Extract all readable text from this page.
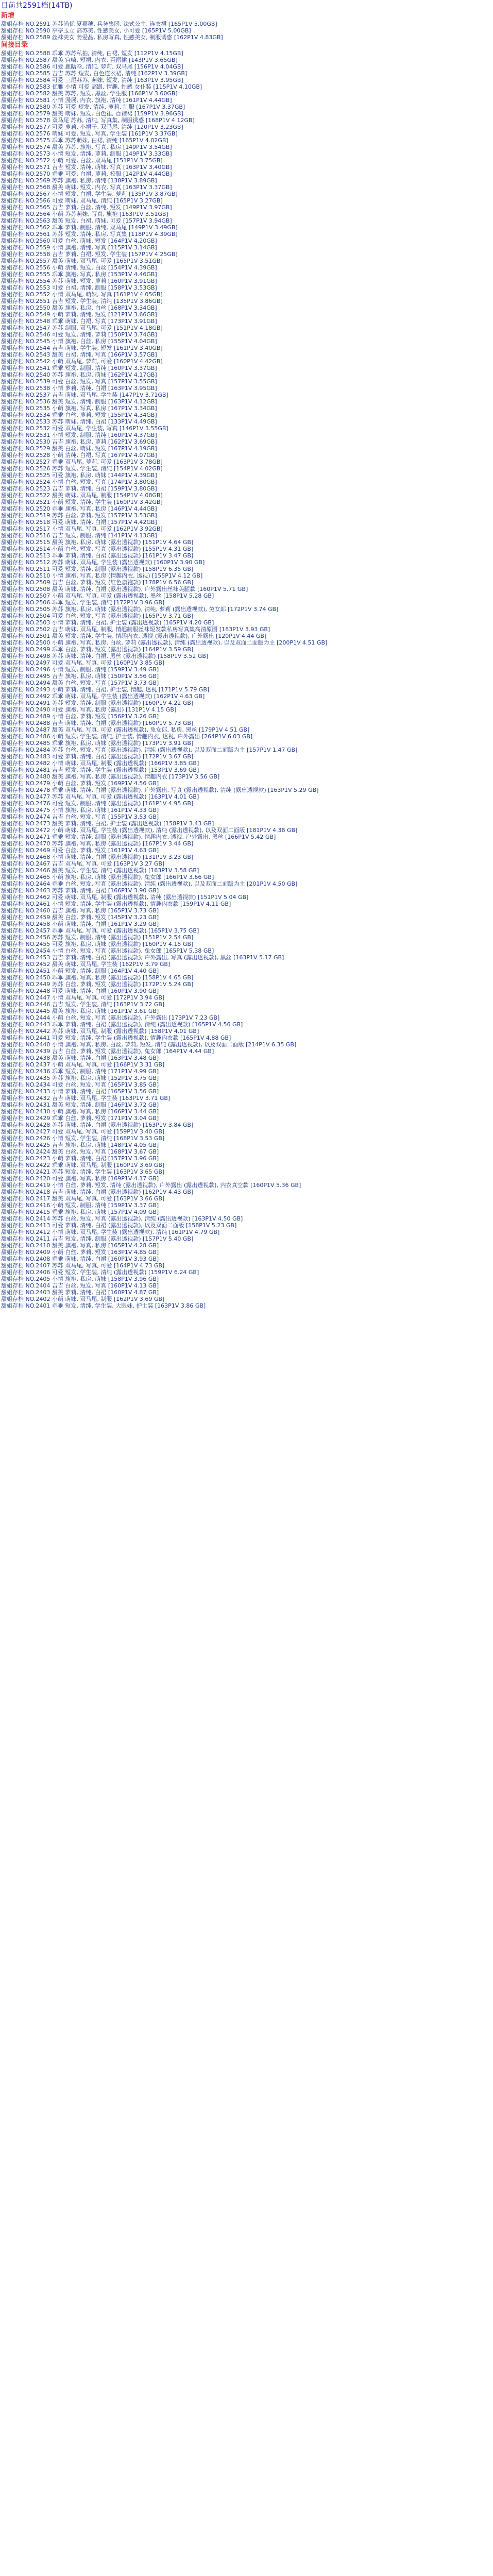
目前共2591档(14TB)
新增
甜姐存档 NO.2591 苏苏尚优 夏嘉穗, 兵务集团, 法式公主, 连衣裙 [165P1V 5.00GB]
甜姐存档 NO.2590 亭亭玉立 高苏美, 性感美女, 小可爱 [165P1V 5.00GB]
甜姐存档 NO.2589 丝袜美女 姜爱晶, 私房写真, 性感美女, 制服诱惑 [162P1V 4.83GB]
间接目录
甜姐存档 NO.2588 乖乖 苏苏私拍, 清纯, 白裙, 短发 [112P1V 4.15GB]
甜姐存档 NO.2587 甜美 宫崎, 短裙, 内衣, 百褶裙 [143P1V 3.65GB]
甜姐存档 NO.2586 可爱 鹿晗晗, 清纯, 萝莉, 双马尾 [156P1V 4.04GB]
甜姐存档 NO.2585 吉吉 苏苏 短发, 白色连衣裙, 清纯 [162P1V 3.39GB]
甜姐存档 NO.2584 可爱 三尾苏苏, 萌妹, 短发, 清纯 [163P1V 3.95GB]
甜姐存档 NO.2583 优雅 小情 可爱 高跟, 情趣, 性感 女仆装 [115P1V 4.10GB]
甜姐存档 NO.2582 甜美 苏苏, 短发, 黑丝, 学生服 [166P1V 3.60GB]
甜姐存档 NO.2581 小情 漫展, 内衣, 旗袍, 清纯 [161P1V 4.44GB]
甜姐存档 NO.2580 苏苏 可爱 短发, 清纯, 萝莉, 制服 [167P1V 3.37GB]
甜姐存档 NO.2579 甜美 萌妹, 短发, 白色裙, 百褶裙 [159P1V 3.96GB]
甜姐存档 NO.2578 双马尾 苏苏, 清纯, 写真集, 制服诱惑 [168P1V 4.12GB]
甜姐存档 NO.2577 可爱 萝莉, 小裙子, 双马尾, 清纯 [120P1V 3.23GB]
甜姐存档 NO.2576 萌妹 可爱, 短发, 写真, 学生装 [161P1V 3.37GB]
甜姐存档 NO.2575 乖乖 苏苏萌妹, 白裙, 清纯 [165P1V 4.02GB]
甜姐存档 NO.2574 甜美 苏苏, 旗袍, 写真, 私房 [149P1V 3.54GB]
甜姐存档 NO.2573 小情 短发, 清纯, 萝莉, 制服 [149P1V 3.33GB]
甜姐存档 NO.2572 小萌 可爱, 白丝, 双马尾 [151P1V 3.75GB]
甜姐存档 NO.2571 吉吉 短发, 清纯, 萌妹, 写真 [163P1V 3.40GB]
甜姐存档 NO.2570 乖乖 可爱, 白裙, 萝莉, 校服 [142P1V 4.44GB]
甜姐存档 NO.2569 苏苏 旗袍, 私房, 清纯 [138P1V 3.89GB]
甜姐存档 NO.2568 甜美 萌妹, 短发, 内衣, 写真 [163P1V 3.37GB]
甜姐存档 NO.2567 小情 短发, 白裙, 学生装, 萝莉 [135P1V 3.87GB]
甜姐存档 NO.2566 可爱 萌妹, 双马尾, 清纯 [165P1V 3.27GB]
甜姐存档 NO.2565 吉吉 萝莉, 白丝, 清纯, 短发 [149P1V 3.97GB]
甜姐存档 NO.2564 小萌 苏苏萌妹, 写真, 旗袍 [163P1V 3.51GB]
甜姐存档 NO.2563 甜美 短发, 白裙, 萌妹, 可爱 [157P1V 3.94GB]
甜姐存档 NO.2562 乖乖 萝莉, 制服, 清纯, 双马尾 [149P1V 3.49GB]
甜姐存档 NO.2561 苏苏 短发, 清纯, 私房, 写真集 [118P1V 4.39GB]
甜姐存档 NO.2560 可爱 白丝, 萌妹, 短发 [164P1V 4.20GB]
甜姐存档 NO.2559 小情 旗袍, 清纯, 写真 [115P1V 3.14GB]
甜姐存档 NO.2558 吉吉 萝莉, 白裙, 短发, 学生装 [157P1V 4.25GB]
甜姐存档 NO.2557 甜美 萌妹, 双马尾, 可爱 [165P1V 3.51GB]
甜姐存档 NO.2556 小萌 清纯, 短发, 白丝 [154P1V 4.39GB]
甜姐存档 NO.2555 乖乖 旗袍, 写真, 私房 [153P1V 4.46GB]
甜姐存档 NO.2554 苏苏 萌妹, 短发, 萝莉 [160P1V 3.91GB]
甜姐存档 NO.2553 可爱 白裙, 清纯, 制服 [158P1V 3.53GB]
甜姐存档 NO.2552 小情 双马尾, 萌妹, 写真 [161P1V 4.05GB]
甜姐存档 NO.2551 吉吉 短发, 学生装, 清纯 [135P1V 3.86GB]
甜姐存档 NO.2550 甜美 旗袍, 私房, 白丝 [168P1V 3.34GB]
甜姐存档 NO.2549 小萌 萝莉, 清纯, 短发 [121P1V 3.66GB]
甜姐存档 NO.2548 乖乖 萌妹, 白裙, 写真 [173P1V 3.91GB]
甜姐存档 NO.2547 苏苏 制服, 双马尾, 可爱 [151P1V 4.18GB]
甜姐存档 NO.2546 可爱 短发, 清纯, 萝莉 [150P1V 3.74GB]
甜姐存档 NO.2545 小情 旗袍, 白丝, 私房 [155P1V 4.04GB]
甜姐存档 NO.2544 吉吉 萌妹, 学生装, 短发 [161P1V 3.40GB]
甜姐存档 NO.2543 甜美 白裙, 清纯, 写真 [166P1V 3.57GB]
甜姐存档 NO.2542 小萌 双马尾, 萝莉, 可爱 [160P1V 4.42GB]
甜姐存档 NO.2541 乖乖 短发, 制服, 清纯 [160P1V 3.37GB]
甜姐存档 NO.2540 苏苏 旗袍, 私房, 萌妹 [162P1V 4.17GB]
甜姐存档 NO.2539 可爱 白丝, 短发, 写真 [157P1V 3.55GB]
甜姐存档 NO.2538 小情 萝莉, 清纯, 白裙 [163P1V 3.95GB]
甜姐存档 NO.2537 吉吉 萌妹, 双马尾, 学生装 [147P1V 3.71GB]
甜姐存档 NO.2536 甜美 短发, 清纯, 制服 [163P1V 4.12GB]
甜姐存档 NO.2535 小萌 旗袍, 写真, 私房 [167P1V 3.34GB]
甜姐存档 NO.2534 乖乖 白丝, 萝莉, 短发 [155P1V 4.34GB]
甜姐存档 NO.2533 苏苏 萌妹, 清纯, 白裙 [133P1V 4.49GB]
甜姐存档 NO.2532 可爱 双马尾, 学生装, 写真 [146P1V 3.55GB]
甜姐存档 NO.2531 小情 短发, 制服, 清纯 [160P1V 4.37GB]
甜姐存档 NO.2530 吉吉 旗袍, 私房, 萝莉 [162P1V 3.69GB]
甜姐存档 NO.2529 甜美 白丝, 萌妹, 短发 [167P1V 4.19GB]
甜姐存档 NO.2528 小萌 清纯, 白裙, 写真 [167P1V 4.07GB]
甜姐存档 NO.2527 乖乖 双马尾, 萝莉, 可爱 [163P1V 3.78GB]
甜姐存档 NO.2526 苏苏 短发, 学生装, 清纯 [154P1V 4.02GB]
甜姐存档 NO.2525 可爱 旗袍, 私房, 萌妹 [144P1V 4.39GB]
甜姐存档 NO.2524 小情 白丝, 短发, 写真 [174P1V 3.80GB]
甜姐存档 NO.2523 吉吉 萝莉, 清纯, 白裙 [159P1V 3.80GB]
甜姐存档 NO.2522 甜美 萌妹, 双马尾, 制服 [154P1V 4.08GB]
甜姐存档 NO.2521 小萌 短发, 清纯, 学生装 [160P1V 3.42GB]
甜姐存档 NO.2520 乖乖 旗袍, 写真, 私房 [146P1V 4.44GB]
甜姐存档 NO.2519 苏苏 白丝, 萝莉, 短发 [157P1V 3.53GB]
甜姐存档 NO.2518 可爱 萌妹, 清纯, 白裙 [157P1V 4.42GB]
甜姐存档 NO.2517 小情 双马尾, 写真, 可爱 [162P1V 3.92GB]
甜姐存档 NO.2516 吉吉 短发, 制服, 清纯 [141P1V 4.13GB]
甜姐存档 NO.2515 甜美 旗袍, 私房, 萌妹 (露出透视款) [151P1V 4.64 GB]
甜姐存档 NO.2514 小萌 白丝, 短发, 写真 (露出透视款) [155P1V 4.31 GB]
甜姐存档 NO.2513 乖乖 萝莉, 清纯, 白裙 (露出透视款) [161P1V 3.47 GB]
甜姐存档 NO.2512 苏苏 萌妹, 双马尾, 学生装 (露出透视款) [160P1V 3.90 GB]
甜姐存档 NO.2511 可爱 短发, 清纯, 制服 (露出透视款) [158P1V 6.35 GB]
甜姐存档 NO.2510 小情 旗袍, 写真, 私房 (情趣内衣, 透视) [155P1V 4.12 GB]
甜姐存档 NO.2509 吉吉 白丝, 萝莉, 短发 (红色旗袍款) [178P1V 6.56 GB]
甜姐存档 NO.2508 甜美 萌妹, 清纯, 白裙 (露出透视款), 户外露出丝袜美腿款 [160P1V 5.71 GB]
甜姐存档 NO.2507 小萌 双马尾, 写真, 可爱 (露出透视款), 黑丝 [158P1V 5.28 GB]
甜姐存档 NO.2506 乖乖 短发, 学生装, 清纯 [172P1V 3.96 GB]
甜姐存档 NO.2505 苏苏 旗袍, 私房, 萌妹 (露出透视款), 清纯, 萝莉 (露出透视款), 兔女郎 [172P1V 3.74 GB]
甜姐存档 NO.2504 可爱 白丝, 短发, 写真 (露出透视款) [165P1V 3.71 GB]
甜姐存档 NO.2503 小情 萝莉, 清纯, 白裙, 护士装 (露出透视款) [165P1V 4.20 GB]
甜姐存档 NO.2502 吉吉 萌妹, 双马尾, 制服, 情趣制服丝袜短发款私房写真集高清原图 [183P1V 3.93 GB]
甜姐存档 NO.2501 甜美 短发, 清纯, 学生装, 情趣内衣, 透视 (露出透视款), 户外露出 [120P1V 4.44 GB]
甜姐存档 NO.2500 小萌 旗袍, 写真, 私房, 白丝, 萝莉 (露出透视款), 清纯 (露出透视款), 以及双面二面版为主 [200P1V 4.51 GB]
甜姐存档 NO.2499 乖乖 白丝, 萝莉, 短发 (露出透视款) [164P1V 3.59 GB]
甜姐存档 NO.2498 苏苏 萌妹, 清纯, 白裙, 黑丝 (露出透视款) [158P1V 3.52 GB]
甜姐存档 NO.2497 可爱 双马尾, 写真, 可爱 [160P1V 3.85 GB]
甜姐存档 NO.2496 小情 短发, 制服, 清纯 [159P1V 3.49 GB]
甜姐存档 NO.2495 吉吉 旗袍, 私房, 萌妹 [150P1V 3.56 GB]
甜姐存档 NO.2494 甜美 白丝, 短发, 写真 [157P1V 3.73 GB]
甜姐存档 NO.2493 小萌 萝莉, 清纯, 白裙, 护士装, 情趣, 透视 [171P1V 5.79 GB]
甜姐存档 NO.2492 乖乖 萌妹, 双马尾, 学生装 (露出透视款) [162P1V 4.63 GB]
甜姐存档 NO.2491 苏苏 短发, 清纯, 制服 (露出透视款) [160P1V 4.22 GB]
甜姐存档 NO.2490 可爱 旗袍, 写真, 私房 (露出) [131P1V 4.15 GB]
甜姐存档 NO.2489 小情 白丝, 萝莉, 短发 [156P1V 3.26 GB]
甜姐存档 NO.2488 吉吉 萌妹, 清纯, 白裙 (露出透视款) [160P1V 5.73 GB]
甜姐存档 NO.2487 甜美 双马尾, 写真, 可爱 (露出透视款), 兔女郎, 私房, 黑丝 [179P1V 4.51 GB]
甜姐存档 NO.2486 小萌 短发, 学生装, 清纯, 护士装, 情趣内衣, 透视, 户外露出 [264P1V 6.03 GB]
甜姐存档 NO.2485 乖乖 旗袍, 私房, 萌妹 (露出透视款) [173P1V 3.91 GB]
甜姐存档 NO.2484 苏苏 白丝, 短发, 写真 (露出透视款), 清纯 (露出透视款), 以及双面二面版为主 [157P1V 1.47 GB]
甜姐存档 NO.2483 可爱 萝莉, 清纯, 白裙 (露出透视款) [172P1V 3.67 GB]
甜姐存档 NO.2482 小情 萌妹, 双马尾, 制服 (露出透视款) [166P1V 3.85 GB]
甜姐存档 NO.2481 吉吉 短发, 清纯, 学生装 (露出透视款) [153P1V 3.69 GB]
甜姐存档 NO.2480 甜美 旗袍, 写真, 私房 (露出透视款), 情趣内衣 [173P1V 3.56 GB]
甜姐存档 NO.2479 小萌 白丝, 萝莉, 短发 [169P1V 4.56 GB]
甜姐存档 NO.2478 乖乖 萌妹, 清纯, 白裙 (露出透视款), 户外露出, 写真 (露出透视款), 清纯 (露出透视款) [163P1V 5.29 GB]
甜姐存档 NO.2477 苏苏 双马尾, 写真, 可爱 (露出透视款) [163P1V 4.01 GB]
甜姐存档 NO.2476 可爱 短发, 制服, 清纯 (露出透视款) [161P1V 4.95 GB]
甜姐存档 NO.2475 小情 旗袍, 私房, 萌妹 [161P1V 4.33 GB]
甜姐存档 NO.2474 吉吉 白丝, 短发, 写真 [155P1V 3.53 GB]
甜姐存档 NO.2473 甜美 萝莉, 清纯, 白裙, 护士装 (露出透视款) [158P1V 3.43 GB]
甜姐存档 NO.2472 小萌 萌妹, 双马尾, 学生装 (露出透视款), 清纯 (露出透视款), 以及双面二面版 [181P1V 4.38 GB]
甜姐存档 NO.2471 乖乖 短发, 清纯, 制服 (露出透视款), 情趣内衣, 透视, 户外露出, 黑丝 [166P1V 5.42 GB]
甜姐存档 NO.2470 苏苏 旗袍, 写真, 私房 (露出透视款) [167P1V 3.44 GB]
甜姐存档 NO.2469 可爱 白丝, 萝莉, 短发 [161P1V 4.63 GB]
甜姐存档 NO.2468 小情 萌妹, 清纯, 白裙 (露出透视款) [131P1V 3.23 GB]
甜姐存档 NO.2467 吉吉 双马尾, 写真, 可爱 [163P1V 3.27 GB]
甜姐存档 NO.2466 甜美 短发, 学生装, 清纯 (露出透视款) [163P1V 3.58 GB]
甜姐存档 NO.2465 小萌 旗袍, 私房, 萌妹 (露出透视款), 兔女郎 [166P1V 3.66 GB]
甜姐存档 NO.2464 乖乖 白丝, 短发, 写真 (露出透视款), 清纯 (露出透视款), 以及双面二面版为主 [201P1V 4.50 GB]
甜姐存档 NO.2463 苏苏 萝莉, 清纯, 白裙 [166P1V 3.90 GB]
甜姐存档 NO.2462 可爱 萌妹, 双马尾, 制服 (露出透视款), 清纯 (露出透视款) [151P1V 5.04 GB]
甜姐存档 NO.2461 小情 短发, 清纯, 学生装 (露出透视款), 情趣内衣款 [159P1V 4.11 GB]
甜姐存档 NO.2460 吉吉 旗袍, 写真, 私房 [165P1V 3.73 GB]
甜姐存档 NO.2459 甜美 白丝, 萝莉, 短发 [145P1V 3.23 GB]
甜姐存档 NO.2458 小萌 萌妹, 清纯, 白裙 [161P1V 3.29 GB]
甜姐存档 NO.2457 乖乖 双马尾, 写真, 可爱 (露出透视款) [165P1V 3.75 GB]
甜姐存档 NO.2456 苏苏 短发, 制服, 清纯 (露出透视款) [151P1V 2.54 GB]
甜姐存档 NO.2455 可爱 旗袍, 私房, 萌妹 (露出透视款) [160P1V 4.15 GB]
甜姐存档 NO.2454 小情 白丝, 短发, 写真 (露出透视款), 兔女郎 [165P1V 5.38 GB]
甜姐存档 NO.2453 吉吉 萝莉, 清纯, 白裙 (露出透视款), 户外露出, 写真 (露出透视款), 黑丝 [163P1V 5.17 GB]
甜姐存档 NO.2452 甜美 萌妹, 双马尾, 学生装 [162P1V 3.79 GB]
甜姐存档 NO.2451 小萌 短发, 清纯, 制服 [164P1V 4.40 GB]
甜姐存档 NO.2450 乖乖 旗袍, 写真, 私房 (露出透视款) [158P1V 4.65 GB]
甜姐存档 NO.2449 苏苏 白丝, 萝莉, 短发 (露出透视款) [172P1V 5.24 GB]
甜姐存档 NO.2448 可爱 萌妹, 清纯, 白裙 [160P1V 3.90 GB]
甜姐存档 NO.2447 小情 双马尾, 写真, 可爱 [172P1V 3.94 GB]
甜姐存档 NO.2446 吉吉 短发, 学生装, 清纯 [163P1V 3.72 GB]
甜姐存档 NO.2445 甜美 旗袍, 私房, 萌妹 [161P1V 3.61 GB]
甜姐存档 NO.2444 小萌 白丝, 短发, 写真 (露出透视款), 户外露出 [173P1V 7.23 GB]
甜姐存档 NO.2443 乖乖 萝莉, 清纯, 白裙 (露出透视款), 清纯 (露出透视款) [165P1V 4.56 GB]
甜姐存档 NO.2442 苏苏 萌妹, 双马尾, 制服 (露出透视款) [158P1V 4.01 GB]
甜姐存档 NO.2441 可爱 短发, 清纯, 学生装 (露出透视款), 情趣内衣款 [165P1V 4.88 GB]
甜姐存档 NO.2440 小情 旗袍, 写真, 私房, 白丝, 萝莉, 短发, 清纯 (露出透视款), 以及双面二面版 [214P1V 6.35 GB]
甜姐存档 NO.2439 吉吉 白丝, 萝莉, 短发 (露出透视款), 兔女郎 [164P1V 4.44 GB]
甜姐存档 NO.2438 甜美 萌妹, 清纯, 白裙 [163P1V 3.48 GB]
甜姐存档 NO.2437 小萌 双马尾, 写真, 可爱 [166P1V 3.31 GB]
甜姐存档 NO.2436 乖乖 短发, 制服, 清纯 [171P1V 4.99 GB]
甜姐存档 NO.2435 苏苏 旗袍, 私房, 萌妹 [152P1V 3.75 GB]
甜姐存档 NO.2434 可爱 白丝, 短发, 写真 [165P1V 3.85 GB]
甜姐存档 NO.2433 小情 萝莉, 清纯, 白裙 [165P1V 3.56 GB]
甜姐存档 NO.2432 吉吉 萌妹, 双马尾, 学生装 [163P1V 3.71 GB]
甜姐存档 NO.2431 甜美 短发, 清纯, 制服 [146P1V 3.72 GB]
甜姐存档 NO.2430 小萌 旗袍, 写真, 私房 [166P1V 3.44 GB]
甜姐存档 NO.2429 乖乖 白丝, 萝莉, 短发 [171P1V 3.04 GB]
甜姐存档 NO.2428 苏苏 萌妹, 清纯, 白裙 (露出透视款) [163P1V 3.84 GB]
甜姐存档 NO.2427 可爱 双马尾, 写真, 可爱 [159P1V 3.40 GB]
甜姐存档 NO.2426 小情 短发, 学生装, 清纯 [168P1V 3.53 GB]
甜姐存档 NO.2425 吉吉 旗袍, 私房, 萌妹 [148P1V 4.05 GB]
甜姐存档 NO.2424 甜美 白丝, 短发, 写真 [168P1V 3.67 GB]
甜姐存档 NO.2423 小萌 萝莉, 清纯, 白裙 [157P1V 3.96 GB]
甜姐存档 NO.2422 乖乖 萌妹, 双马尾, 制服 [160P1V 3.69 GB]
甜姐存档 NO.2421 苏苏 短发, 清纯, 学生装 [163P1V 3.65 GB]
甜姐存档 NO.2420 可爱 旗袍, 写真, 私房 [169P1V 4.17 GB]
甜姐存档 NO.2419 小情 白丝, 萝莉, 短发, 清纯 (露出透视款), 户外露出 (露出透视款), 内衣真空款 [160P1V 5.36 GB]
甜姐存档 NO.2418 吉吉 萌妹, 清纯, 白裙 (露出透视款) [162P1V 4.43 GB]
甜姐存档 NO.2417 甜美 双马尾, 写真, 可爱 [163P1V 3.66 GB]
甜姐存档 NO.2416 小萌 短发, 制服, 清纯 [159P1V 3.37 GB]
甜姐存档 NO.2415 乖乖 旗袍, 私房, 萌妹 [157P1V 4.09 GB]
甜姐存档 NO.2414 苏苏 白丝, 短发, 写真 (露出透视款), 清纯 (露出透视款) [163P1V 4.50 GB]
甜姐存档 NO.2413 可爱 萝莉, 清纯, 白裙 (露出透视款), 以及双面二面版 [158P1V 5.23 GB]
甜姐存档 NO.2412 小情 萌妹, 双马尾, 学生装 (露出透视款), 清纯 [161P1V 4.79 GB]
甜姐存档 NO.2411 吉吉 短发, 清纯, 制服 (露出透视款) [157P1V 5.40 GB]
甜姐存档 NO.2410 甜美 旗袍, 写真, 私房 [165P1V 4.28 GB]
甜姐存档 NO.2409 小萌 白丝, 萝莉, 短发 [163P1V 4.85 GB]
甜姐存档 NO.2408 乖乖 萌妹, 清纯, 白裙 [160P1V 3.93 GB]
甜姐存档 NO.2407 苏苏 双马尾, 写真, 可爱 [164P1V 4.73 GB]
甜姐存档 NO.2406 可爱 短发, 学生装, 清纯 (露出透视款) [159P1V 6.24 GB]
甜姐存档 NO.2405 小情 旗袍, 私房, 萌妹 [158P1V 3.96 GB]
甜姐存档 NO.2404 吉吉 白丝, 短发, 写真 [160P1V 4.13 GB]
甜姐存档 NO.2403 甜美 萝莉, 清纯, 白裙 [160P1V 4.87 GB]
甜姐存档 NO.2402 小萌 萌妹, 双马尾, 制服 [162P1V 3.69 GB]
甜姐存档 NO.2401 乖乖 短发, 清纯, 学生装, 大眼妹, 护士装 [163P1V 3.86 GB]
